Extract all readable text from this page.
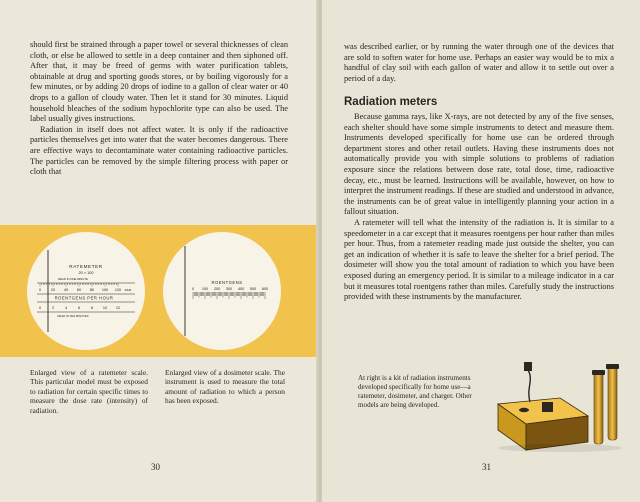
should first be strained through a paper towel or several thicknesses of clean cloth, or else be allowed to settle in a deep container and then siphoned off. After that, it may be freed of germs with water purification tablets, obtainable at drug and sporting goods stores, or by boiling vigorously for a few minutes, or by adding 20 drops of iodine to a gallon of clear water or 40 drops to a gallon of cloudy water. Then let it stand for 30 minutes. Liquid household bleaches of the sodium hypochlorite type can also be used. The label usually gives instructions.

Radiation in itself does not affect water. It is only if the radioactive particles themselves get into water that the water becomes dangerous. There are effective ways to decontaminate water containing radioactive particles. The particles can be removed by the simple filtering process with paper or cloth that

RATEMETER
20 × 100
READ IN ONE MINUTE
0	20 40 60 80 100 120 R/HR
ROENTGENS PER HOUR
0	2	4	6	8	10 12
READ IN TEN MINUTES
ROENTGENS
0 100 200 300 400 500 600
Enlarged view of a ratemeter scale. This particular model must be exposed to radiation for certain specific times to measure the dose rate (intensity) of radiation.
Enlarged view of a dosimeter scale. The instrument is used to measure the total amount of radiation to which a person has been exposed.
30
was described earlier, or by running the water through one of the devices that are sold to soften water for home use. Perhaps an easier way would be to mix a handful of clay soil with each gallon of water and allow it to settle out over a period of a day.
Radiation meters

Because gamma rays, like X-rays, are not detected by any of the five senses, each shelter should have some simple instruments to detect and measure them. Instruments developed specifically for home use can be ordered through department stores and other retail outlets. Having these instruments does not automatically provide you with simple solutions to problems of radiation exposure since the relations between dose rate, total dose, time, radioactive decay, etc., must be learned. Instructions will be available, however, on how to interpret the instrument readings. If these are studied and understood in advance, the instruments can be of great value in intelligently planning your action in a fallout situation.

A ratemeter will tell what the intensity of the radiation is. It is similar to a speedometer in a car except that it measures roentgens per hour rather than miles per hour. Thus, from a ratemeter reading made just outside the shelter, you can get an indication of whether it is safe to leave the shelter for a brief period. The dosimeter will show you the total amount of radiation to which you have been exposed during an emergency period. It is similar to a mileage indicator in a car but it measures total roentgens rather than miles. Carefully study the instructions provided with these instruments by the manufacturer.

At right is a kit of radiation instruments developed specifically for home use—a ratemeter, dosimeter, and charger. Other models are being developed.
31
